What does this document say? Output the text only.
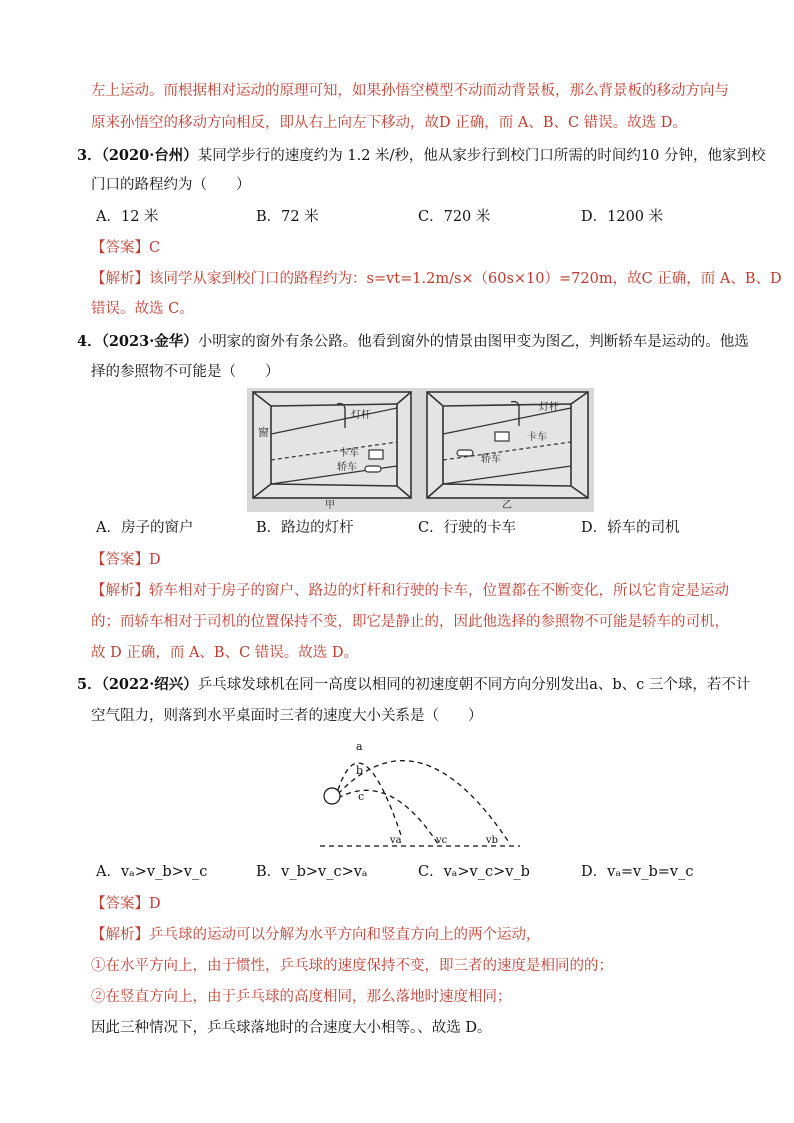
左上运动。而根据相对运动的原理可知，如果孙悟空模型不动而动背景板，那么背景板的移动方向与
原来孙悟空的移动方向相反，即从右上向左下移动，故D 正确，而 A、B、C 错误。故选 D。
3．（2020·台州）某同学步行的速度约为 1.2 米/秒，他从家步行到校门口所需的时间约10 分钟，他家到校
门口的路程约为（　　）
A．12 米	B．72 米	C．720 米	D．1200 米
【答案】C
【解析】该同学从家到校门口的路程约为：s=vt=1.2m/s×（60s×10）=720m，故C 正确，而 A、B、D
错误。故选 C。
4．（2023·金华）小明家的窗外有条公路。他看到窗外的情景由图甲变为图乙，判断轿车是运动的。他选
择的参照物不可能是（　　）
窗
灯杆
卡车
轿车
甲
灯杆
卡车
轿车
乙
A．房子的窗户	B．路边的灯杆	C．行驶的卡车	D．轿车的司机
【答案】D
【解析】轿车相对于房子的窗户、路边的灯杆和行驶的卡车，位置都在不断变化，所以它肯定是运动
的；而轿车相对于司机的位置保持不变，即它是静止的，因此他选择的参照物不可能是轿车的司机，
故 D 正确，而 A、B、C 错误。故选 D。
5．（2022·绍兴）乒乓球发球机在同一高度以相同的初速度朝不同方向分别发出a、b、c 三个球，若不计
空气阻力，则落到水平桌面时三者的速度大小关系是（　　）
a
b
c
va	vc	vb
A．vₐ>v_b>v_c	B．v_b>v_c>vₐ	C．vₐ>v_c>v_b	D．vₐ=v_b=v_c
【答案】D
【解析】乒乓球的运动可以分解为水平方向和竖直方向上的两个运动，
①在水平方向上，由于惯性，乒乓球的速度保持不变，即三者的速度是相同的的；
②在竖直方向上，由于乒乓球的高度相同，那么落地时速度相同；
因此三种情况下，乒乓球落地时的合速度大小相等。、故选 D。
